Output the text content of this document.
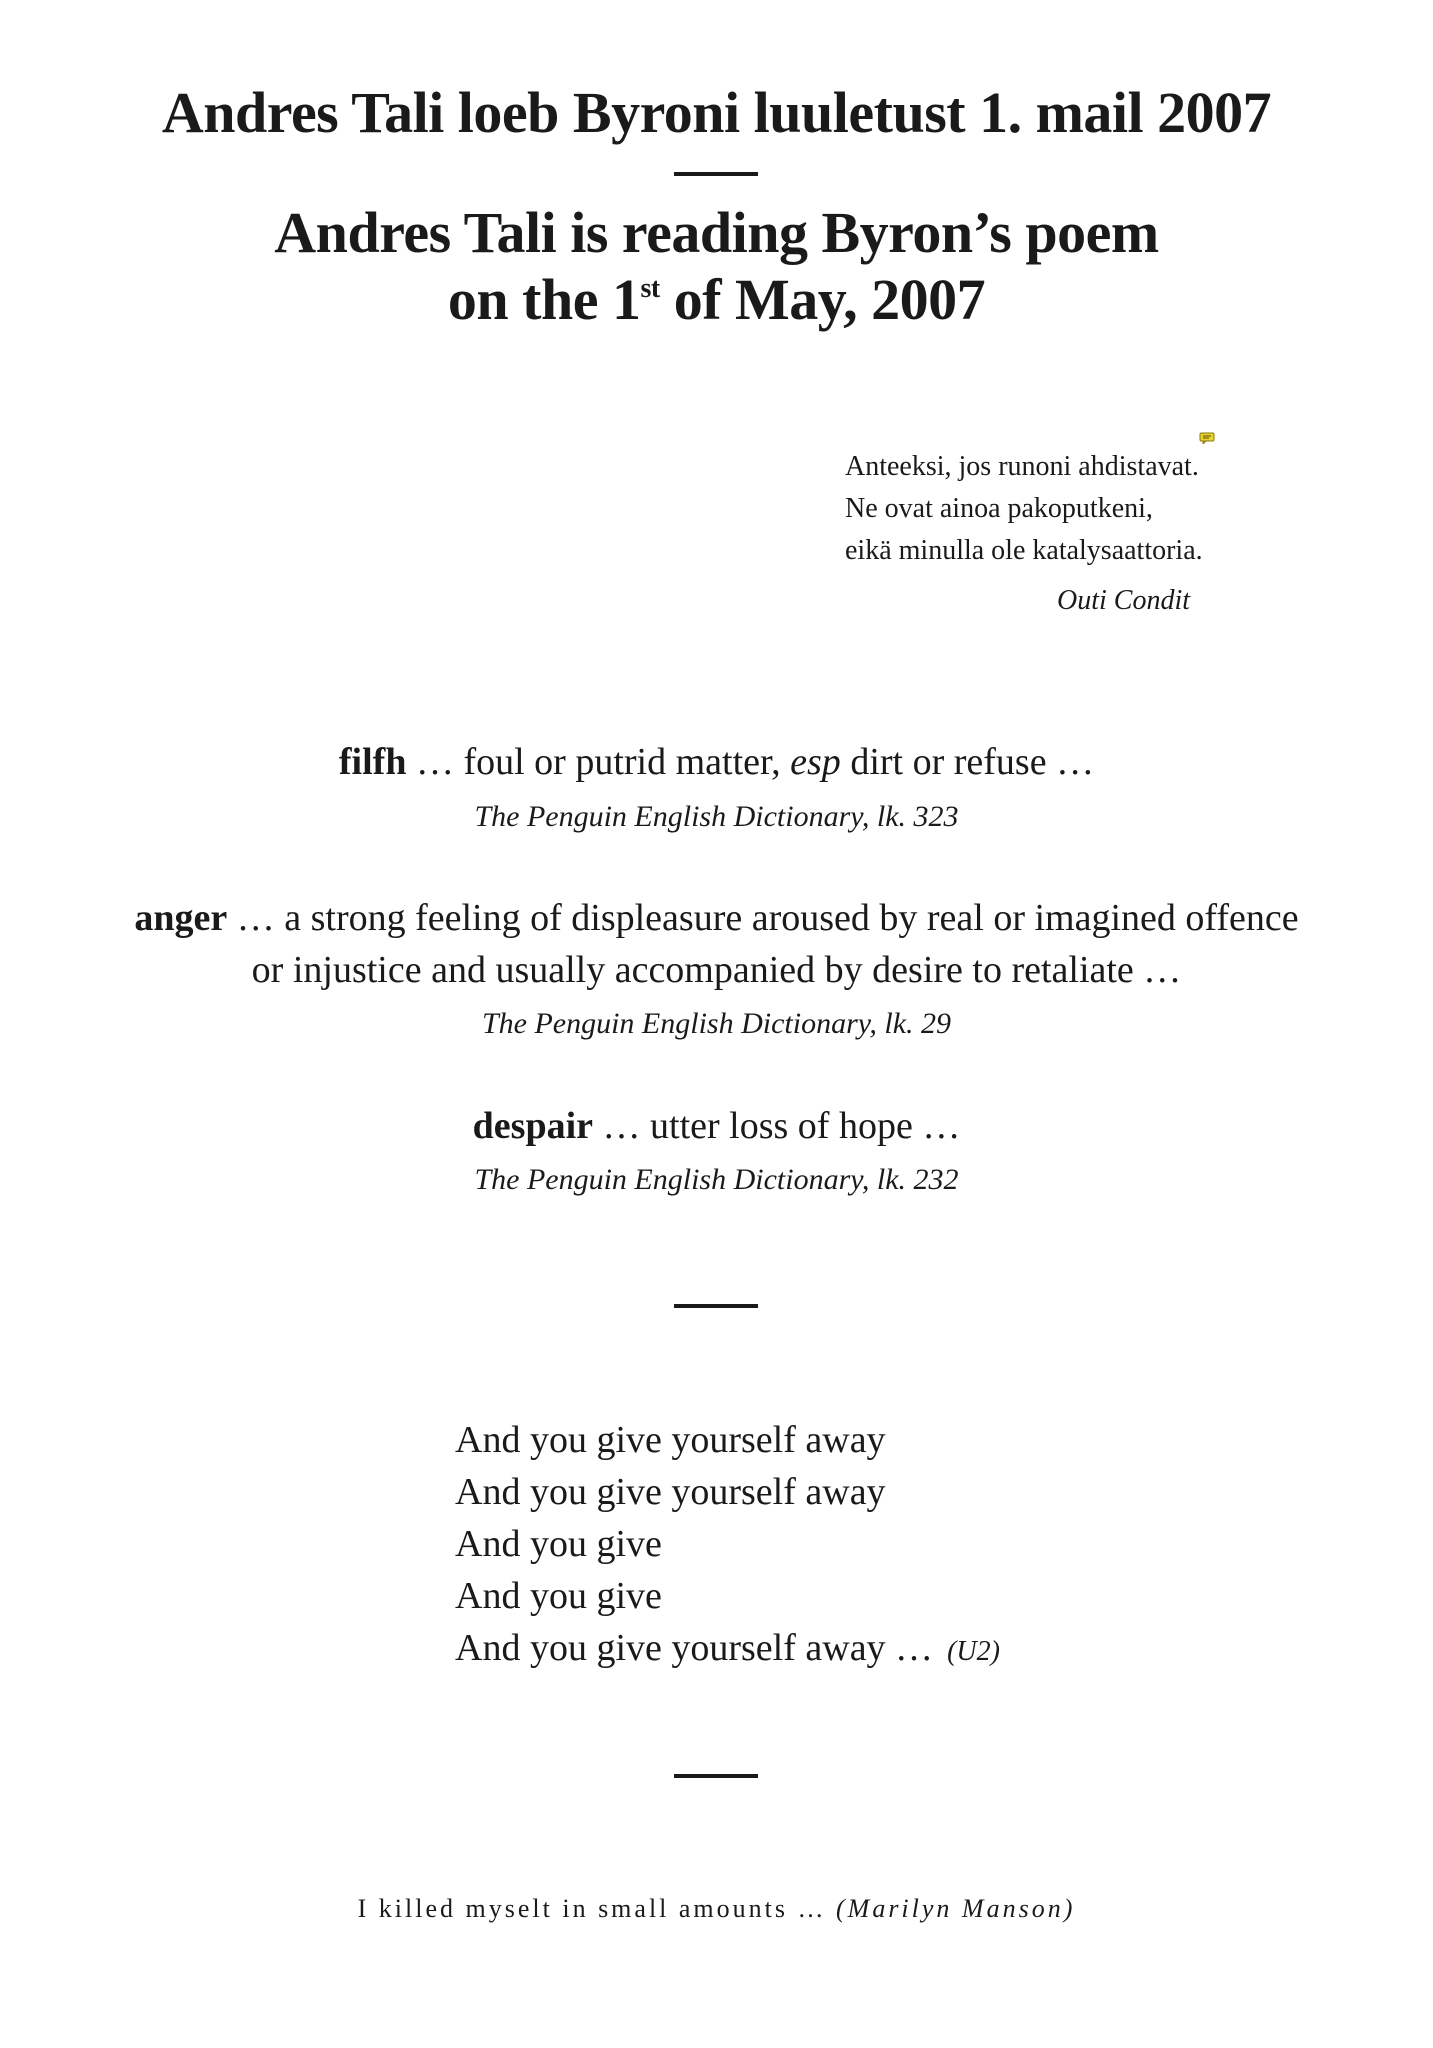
Andres Tali loeb Byroni luuletust 1. mail 2007
Andres Tali is reading Byron’s poem
on the 1st of May, 2007
Anteeksi, jos runoni ahdistavat.
Ne ovat ainoa pakoputkeni,
eikä minulla ole katalysaattoria.
Outi Condit
filfh … foul or putrid matter, esp dirt or refuse …
The Penguin English Dictionary, lk. 323
anger … a strong feeling of displeasure aroused by real or imagined offence
or injustice and usually accompanied by desire to retaliate …
The Penguin English Dictionary, lk. 29
despair … utter loss of hope …
The Penguin English Dictionary, lk. 232
And you give yourself away
And you give yourself away
And you give
And you give
And you give yourself away … (U2)
I killed myselt in small amounts … (Marilyn Manson)
